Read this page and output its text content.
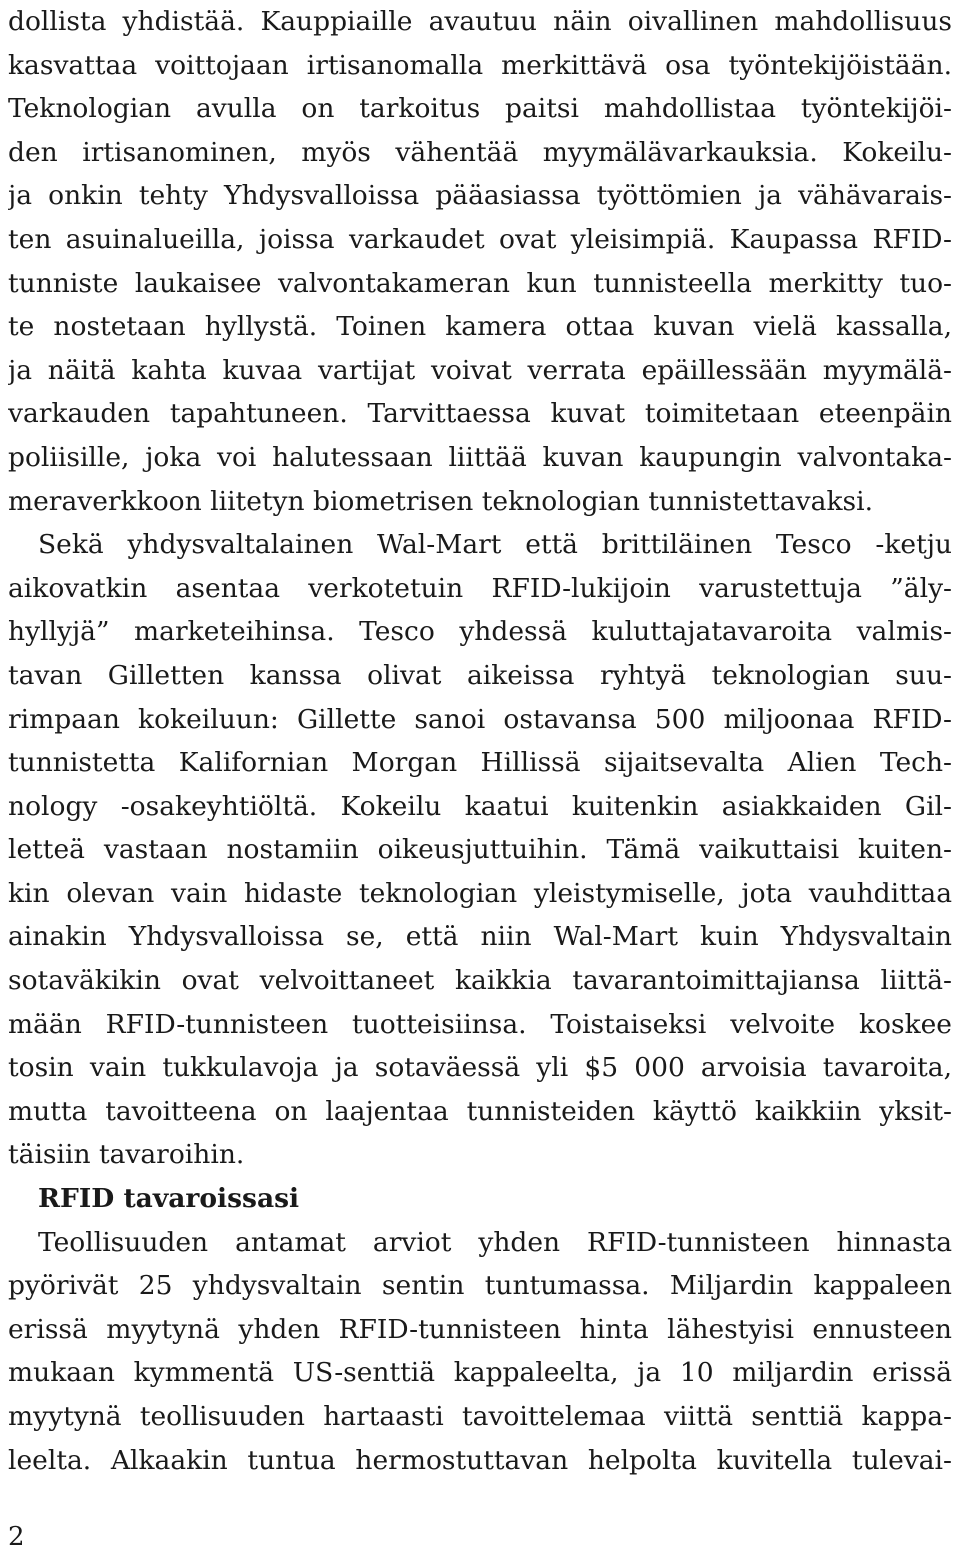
dollista yhdistää. Kauppiaille avautuu näin oivallinen mahdollisuus
kasvattaa voittojaan irtisanomalla merkittävä osa työntekijöistään.
Teknologian avulla on tarkoitus paitsi mahdollistaa työntekijöi-
den irtisanominen, myös vähentää myymälävarkauksia. Kokeilu-
ja onkin tehty Yhdysvalloissa pääasiassa työttömien ja vähävarais-
ten asuinalueilla, joissa varkaudet ovat yleisimpiä. Kaupassa RFID-
tunniste laukaisee valvontakameran kun tunnisteella merkitty tuo-
te nostetaan hyllystä. Toinen kamera ottaa kuvan vielä kassalla,
ja näitä kahta kuvaa vartijat voivat verrata epäillessään myymälä-
varkauden tapahtuneen. Tarvittaessa kuvat toimitetaan eteenpäin
poliisille, joka voi halutessaan liittää kuvan kaupungin valvontaka-
meraverkkoon liitetyn biometrisen teknologian tunnistettavaksi.
Sekä yhdysvaltalainen Wal-Mart että brittiläinen Tesco -ketju
aikovatkin asentaa verkotetuin RFID-lukijoin varustettuja ”äly-
hyllyjä” marketeihinsa. Tesco yhdessä kuluttajatavaroita valmis-
tavan Gilletten kanssa olivat aikeissa ryhtyä teknologian suu-
rimpaan kokeiluun: Gillette sanoi ostavansa 500 miljoonaa RFID-
tunnistetta Kalifornian Morgan Hillissä sijaitsevalta Alien Tech-
nology -osakeyhtiöltä. Kokeilu kaatui kuitenkin asiakkaiden Gil-
letteä vastaan nostamiin oikeusjuttuihin. Tämä vaikuttaisi kuiten-
kin olevan vain hidaste teknologian yleistymiselle, jota vauhdittaa
ainakin Yhdysvalloissa se, että niin Wal-Mart kuin Yhdysvaltain
sotaväkikin ovat velvoittaneet kaikkia tavarantoimittajiansa liittä-
mään RFID-tunnisteen tuotteisiinsa. Toistaiseksi velvoite koskee
tosin vain tukkulavoja ja sotaväessä yli $5 000 arvoisia tavaroita,
mutta tavoitteena on laajentaa tunnisteiden käyttö kaikkiin yksit-
täisiin tavaroihin.
RFID tavaroissasi
Teollisuuden antamat arviot yhden RFID-tunnisteen hinnasta
pyörivät 25 yhdysvaltain sentin tuntumassa. Miljardin kappaleen
erissä myytynä yhden RFID-tunnisteen hinta lähestyisi ennusteen
mukaan kymmentä US-senttiä kappaleelta, ja 10 miljardin erissä
myytynä teollisuuden hartaasti tavoittelemaa viittä senttiä kappa-
leelta. Alkaakin tuntua hermostuttavan helpolta kuvitella tulevai-
2
